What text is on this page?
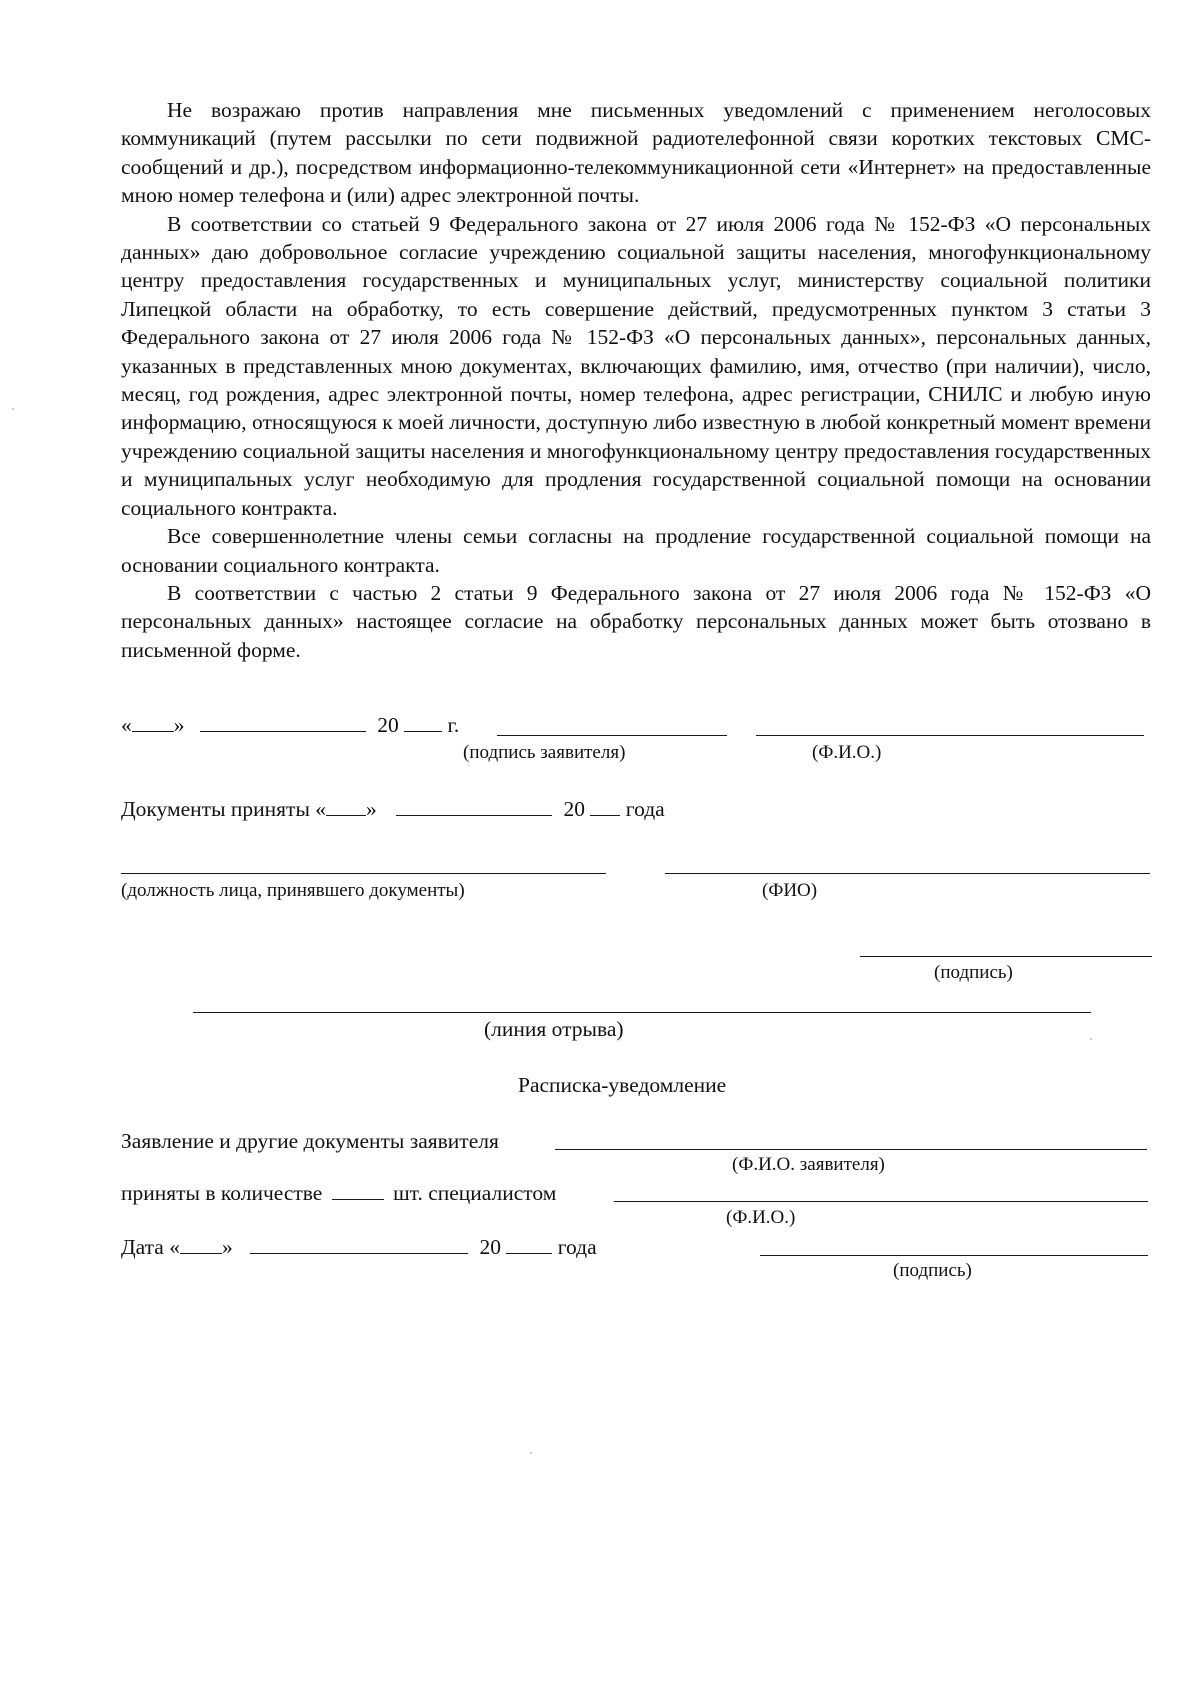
Не возражаю против направления мне письменных уведомлений с применением неголосовых коммуникаций (путем рассылки по сети подвижной радиотелефонной связи коротких текстовых СМС-сообщений и др.), посредством информационно-телекоммуникационной сети «Интернет» на предоставленные мною номер телефона и (или) адрес электронной почты.

В соответствии со статьей 9 Федерального закона от 27 июля 2006 года № 152-ФЗ «О персональных данных» даю добровольное согласие учреждению социальной защиты населения, многофункциональному центру предоставления государственных и муниципальных услуг, министерству социальной политики Липецкой области на обработку, то есть совершение действий, предусмотренных пунктом 3 статьи 3 Федерального закона от 27 июля 2006 года № 152-ФЗ «О персональных данных», персональных данных, указанных в представленных мною документах, включающих фамилию, имя, отчество (при наличии), число, месяц, год рождения, адрес электронной почты, номер телефона, адрес регистрации, СНИЛС и любую иную информацию, относящуюся к моей личности, доступную либо известную в любой конкретный момент времени учреждению социальной защиты населения и многофункциональному центру предоставления государственных и муниципальных услуг необходимую для продления государственной социальной помощи на основании социального контракта.

Все совершеннолетние члены семьи согласны на продление государственной социальной помощи на основании социального контракта.

В соответствии с частью 2 статьи 9 Федерального закона от 27 июля 2006 года № 152-ФЗ «О персональных данных» настоящее согласие на обработку персональных данных может быть отозвано в письменной форме.

« »	20 г.
(подпись заявителя)	(Ф.И.О.)
Документы приняты « »	20 года
(должность лица, принявшего документы)	(ФИО)
(подпись)
(линия отрыва)
Расписка-уведомление
Заявление и другие документы заявителя
(Ф.И.О. заявителя)
приняты в количестве	шт. специалистом
(Ф.И.О.)
Дата « »	20	года
(подпись)
